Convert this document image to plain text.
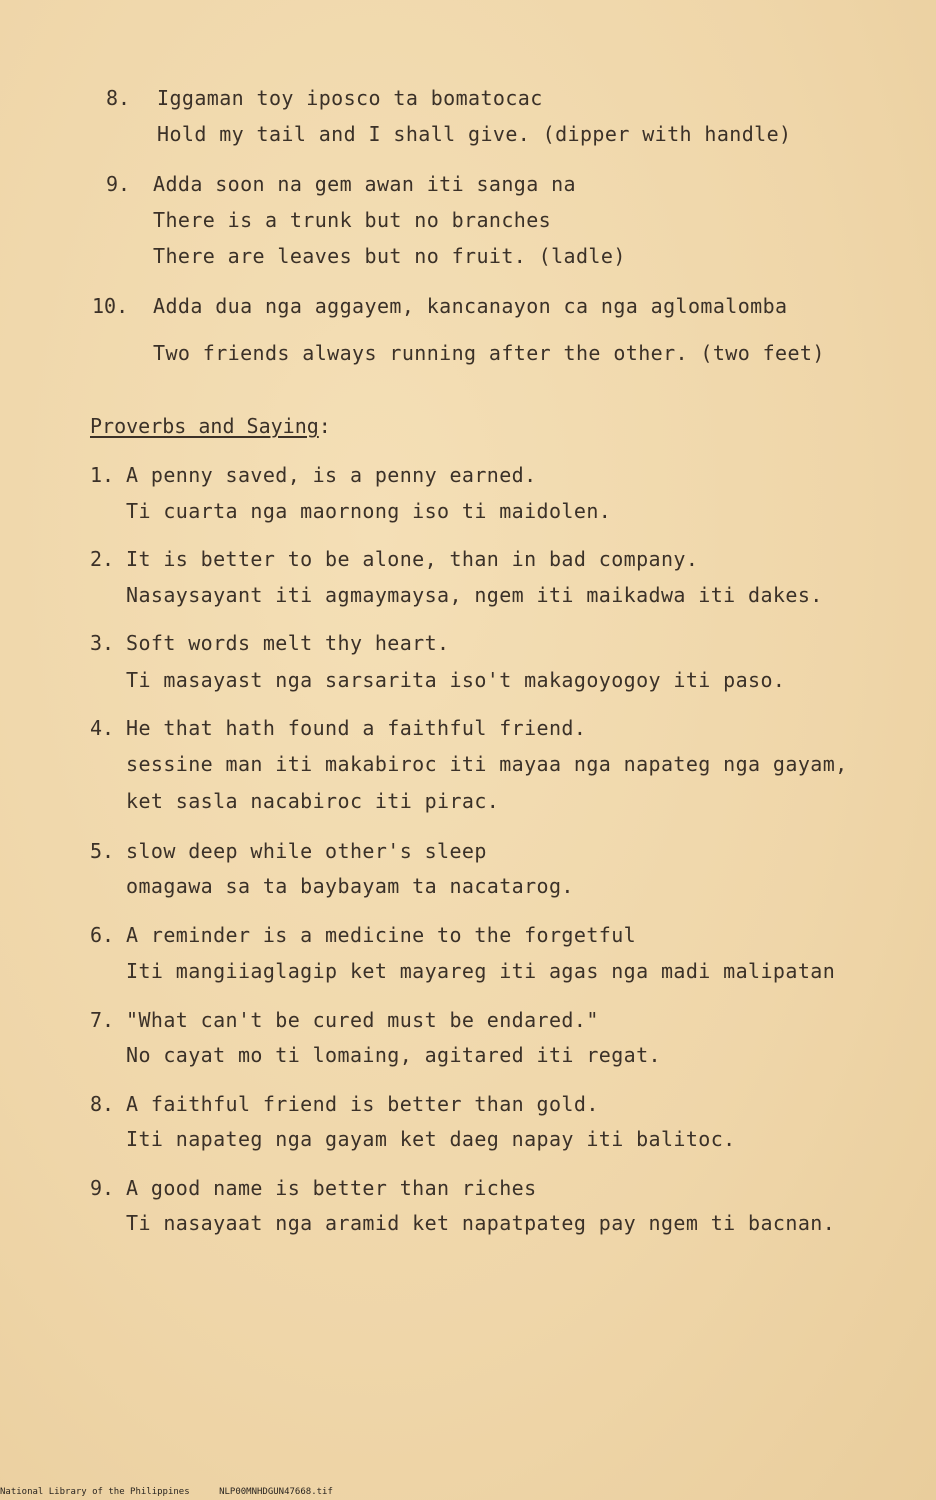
8. Iggaman toy iposco ta bomatocac
Hold my tail and I shall give. (dipper with handle)
9. Adda soon na gem awan iti sanga na
There is a trunk but no branches
There are leaves but no fruit. (ladle)
10. Adda dua nga aggayem, kancanayon ca nga aglomalomba
Two friends always running after the other. (two feet)
Proverbs and Saying:
1. A penny saved, is a penny earned.
Ti cuarta nga maornong iso ti maidolen.
2. It is better to be alone, than in bad company.
Nasaysayant iti agmaymaysa, ngem iti maikadwa iti dakes.
3. Soft words melt thy heart.
Ti masayast nga sarsarita iso't makagoyogoy iti paso.
4. He that hath found a faithful friend.
sessine man iti makabiroc iti mayaa nga napateg nga gayam,
ket sasla nacabiroc iti pirac.
5. slow deep while other's sleep
omagawa sa ta baybayam ta nacatarog.
6. A reminder is a medicine to the forgetful
Iti mangiiaglagip ket mayareg iti agas nga madi malipatan
7. "What can't be cured must be endared."
No cayat mo ti lomaing, agitared iti regat.
8. A faithful friend is better than gold.
Iti napateg nga gayam ket daeg napay iti balitoc.
9. A good name is better than riches
Ti nasayaat nga aramid ket napatpateg pay ngem ti bacnan.
National Library of the Philippines	NLP00MNHDGUN47668.tif
